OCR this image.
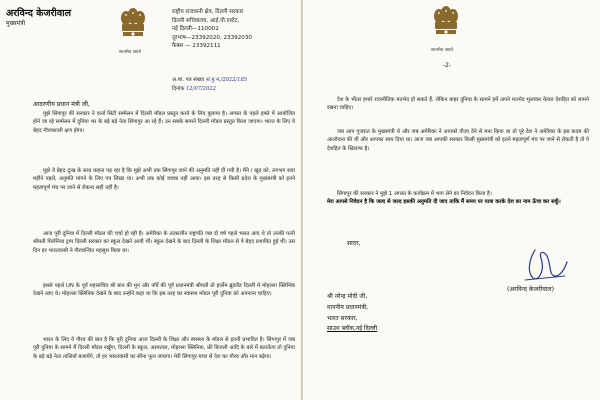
अरविन्द केजरीवाल
मुख्यमंत्री
सत्यमेव जयते
राष्ट्रीय राजधानी क्षेत्र, दिल्ली सरकार
दिल्ली सचिवालय, आई.पी.एस्टेट,
नई दिल्ली—110002
दूरभाष—23392020, 23392030
फैक्स — 23392111
अ.शा. पत्र संख्या सं.मु.म./2022/185
दिनांक 12/07/2022
आदरणीय प्रधान मंत्री जी,

मुझे सिंगापुर की सरकार ने वर्ल्ड सिटी सम्मेलन में दिल्ली मॉडल प्रस्तुत करने के लिए बुलाया है। अगस्त के पहले हफ्ते में आयोजित होने जा रहे सम्मेलन में दुनिया भर के बड़े बड़े नेता सिंगापुर आ रहे हैं। उन सबके सामने दिल्ली मॉडल प्रस्तुत किया जाएगा। भारत के लिए ये बेहद गौरवशाली क्षण होगा।

मुझे ये बेहद दुःख के साथ कहना पड़ रहा है कि मुझे अभी तक सिंगापुर जाने की अनुमति नहीं दी गयी है। मैंने / खुद को, लगभग सवा महीने पहले, अनुमति मांगने के लिए पत्र लिखा था। अभी तक कोई जवाब नहीं आया। इस तरह से किसी प्रदेश के मुख्यमंत्री को इतने महत्वपूर्ण मंच पर जाने से रोकना सही नहीं है।

आज पूरी दुनिया में दिल्ली मॉडल की चर्चा हो रही है। अमेरिका के तत्कालीन राष्ट्रपति जब दो वर्ष पहले भारत आए थे तो उनकी पत्नी श्रीमती मिलेनिया ट्रम्प दिल्ली सरकार का स्कूल देखने आयी थीं। स्कूल देखने के बाद दिल्ली के शिक्षा मॉडल से वे बेहद प्रभावित हुई थीं। उस दिन हर भारतवासी ने गौरवान्वित महसूस किया था।

इससे पहले UN के पूर्व महासचिव श्री बान की मून और नॉर्वे की पूर्व प्रधानमंत्री श्रीमती ग्रो हार्लेम ब्रुंडलैंड दिल्ली मे मोहल्ला क्लिनिक देखने आए थे। मोहल्ला क्लिनिक देखने के बाद उन्होंने कहा था कि इस तरह का स्वास्थ्य मॉडल पूरी दुनिया को अपनाना चाहिए।

भारत के लिए ये गौरव की बात है कि पूरी दुनिया आज दिल्ली के शिक्षा और स्वास्थ्य के मॉडल से इतनी प्रभावित है। सिंगापुर में जब पूरी दुनिया के सामने मैं दिल्ली मॉडल रखूँगा, दिल्ली के स्कूल, अस्पताल, मोहल्ला क्लिनिक, फ्री बिजली आदि के बारे में बताऊँगा तो दुनिया के बड़े बड़े नेता तालियाँ बजायेंगे, तो हर भारतवासी का सीना फूल जायगा। मेरी सिंगापुर यात्रा से देश का गौरव और मान बढ़ेगा।

सत्यमेव जयते
-2-

देश के भीतर हमारे राजनीतिक मतभेद हो सकते हैं, लेकिन बाहर दुनिया के सामने हमें अपने मतभेद भुलाकर केवल देशहित को सामने रखना चाहिए।

जब आप गुजरात के मुख्यमंत्री थे और जब अमेरिका ने आपको वीज़ा देने से मना किया था तो पूरे देश ने अमेरिका के इस कदम की आलोचना की थी और आपका साथ दिया था। आज जब आपकी सरकार किसी मुख्यमंत्री को इतने महत्वपूर्ण मंच पर जाने से रोकती है तो ये देशहित के खिलाफ है।

सिंगापुर की सरकार ने मुझे 1 अगस्त के कार्यक्रम में भाग लेने का निवेदन किया है।

मेरा आपसे निवेदन है कि जल्द से जल्द इसकी अनुमति दी जाए ताकि मैं समय पर यात्रा करके देश का नाम ऊँचा कर सकूँ।

सादर,
(अरविन्द केजरीवाल)
श्री नरेन्द्र मोदी जी,
माननीय प्रधानमंत्री,
भारत सरकार,
साउथ ब्लॉक,नई दिल्ली
